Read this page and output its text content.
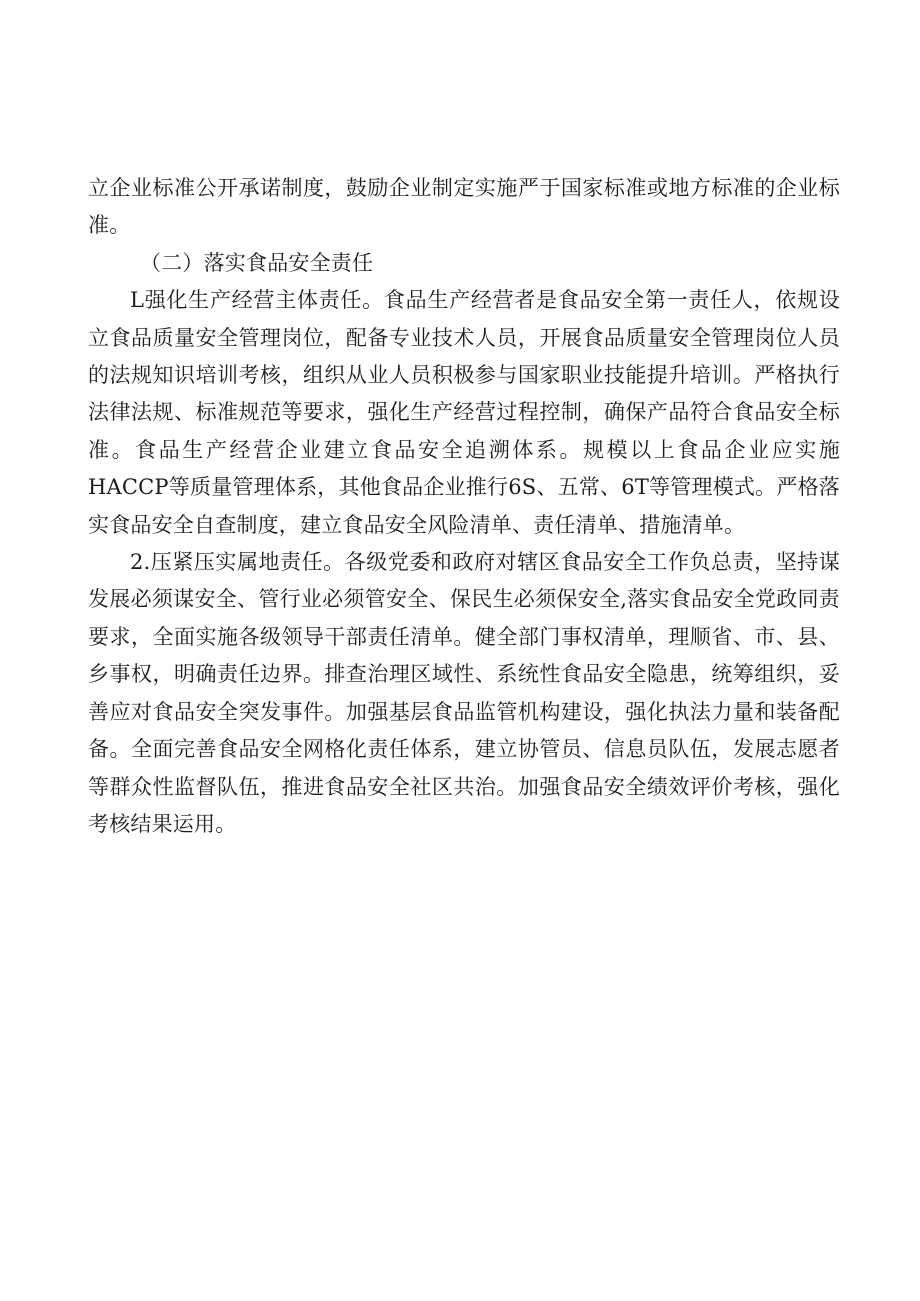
立企业标准公开承诺制度，鼓励企业制定实施严于国家标准或地方标准的企业标准。

（二）落实食品安全责任

L强化生产经营主体责任。食品生产经营者是食品安全第一责任人，依规设立食品质量安全管理岗位，配备专业技术人员，开展食品质量安全管理岗位人员的法规知识培训考核，组织从业人员积极参与国家职业技能提升培训。严格执行法律法规、标准规范等要求，强化生产经营过程控制，确保产品符合食品安全标准。食品生产经营企业建立食品安全追溯体系。规模以上食品企业应实施HACCP等质量管理体系，其他食品企业推行6S、五常、6T等管理模式。严格落实食品安全自查制度，建立食品安全风险清单、责任清单、措施清单。

2.压紧压实属地责任。各级党委和政府对辖区食品安全工作负总责，坚持谋发展必须谋安全、管行业必须管安全、保民生必须保安全,落实食品安全党政同责要求，全面实施各级领导干部责任清单。健全部门事权清单，理顺省、市、县、乡事权，明确责任边界。排查治理区域性、系统性食品安全隐患，统筹组织，妥善应对食品安全突发事件。加强基层食品监管机构建设，强化执法力量和装备配备。全面完善食品安全网格化责任体系，建立协管员、信息员队伍，发展志愿者等群众性监督队伍，推进食品安全社区共治。加强食品安全绩效评价考核，强化考核结果运用。
